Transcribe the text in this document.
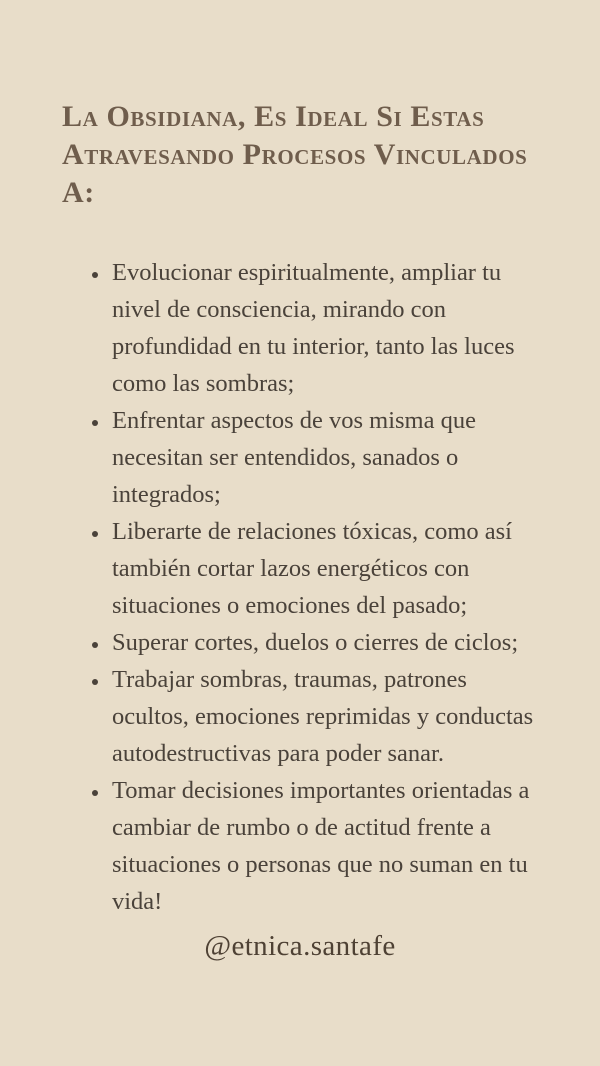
La Obsidiana, Es Ideal Si Estas Atravesando Procesos Vinculados A:
• Evolucionar espiritualmente, ampliar tu nivel de consciencia, mirando con profundidad en tu interior, tanto las luces como las sombras;
• Enfrentar aspectos de vos misma que necesitan ser entendidos, sanados o integrados;
• Liberarte de relaciones tóxicas, como así también cortar lazos energéticos con situaciones o emociones del pasado;
• Superar cortes, duelos o cierres de ciclos;
• Trabajar sombras, traumas, patrones ocultos, emociones reprimidas y conductas autodestructivas para poder sanar.
• Tomar decisiones importantes orientadas a cambiar de rumbo o de actitud frente a situaciones o personas que no suman en tu vida!
@etnica.santafe
